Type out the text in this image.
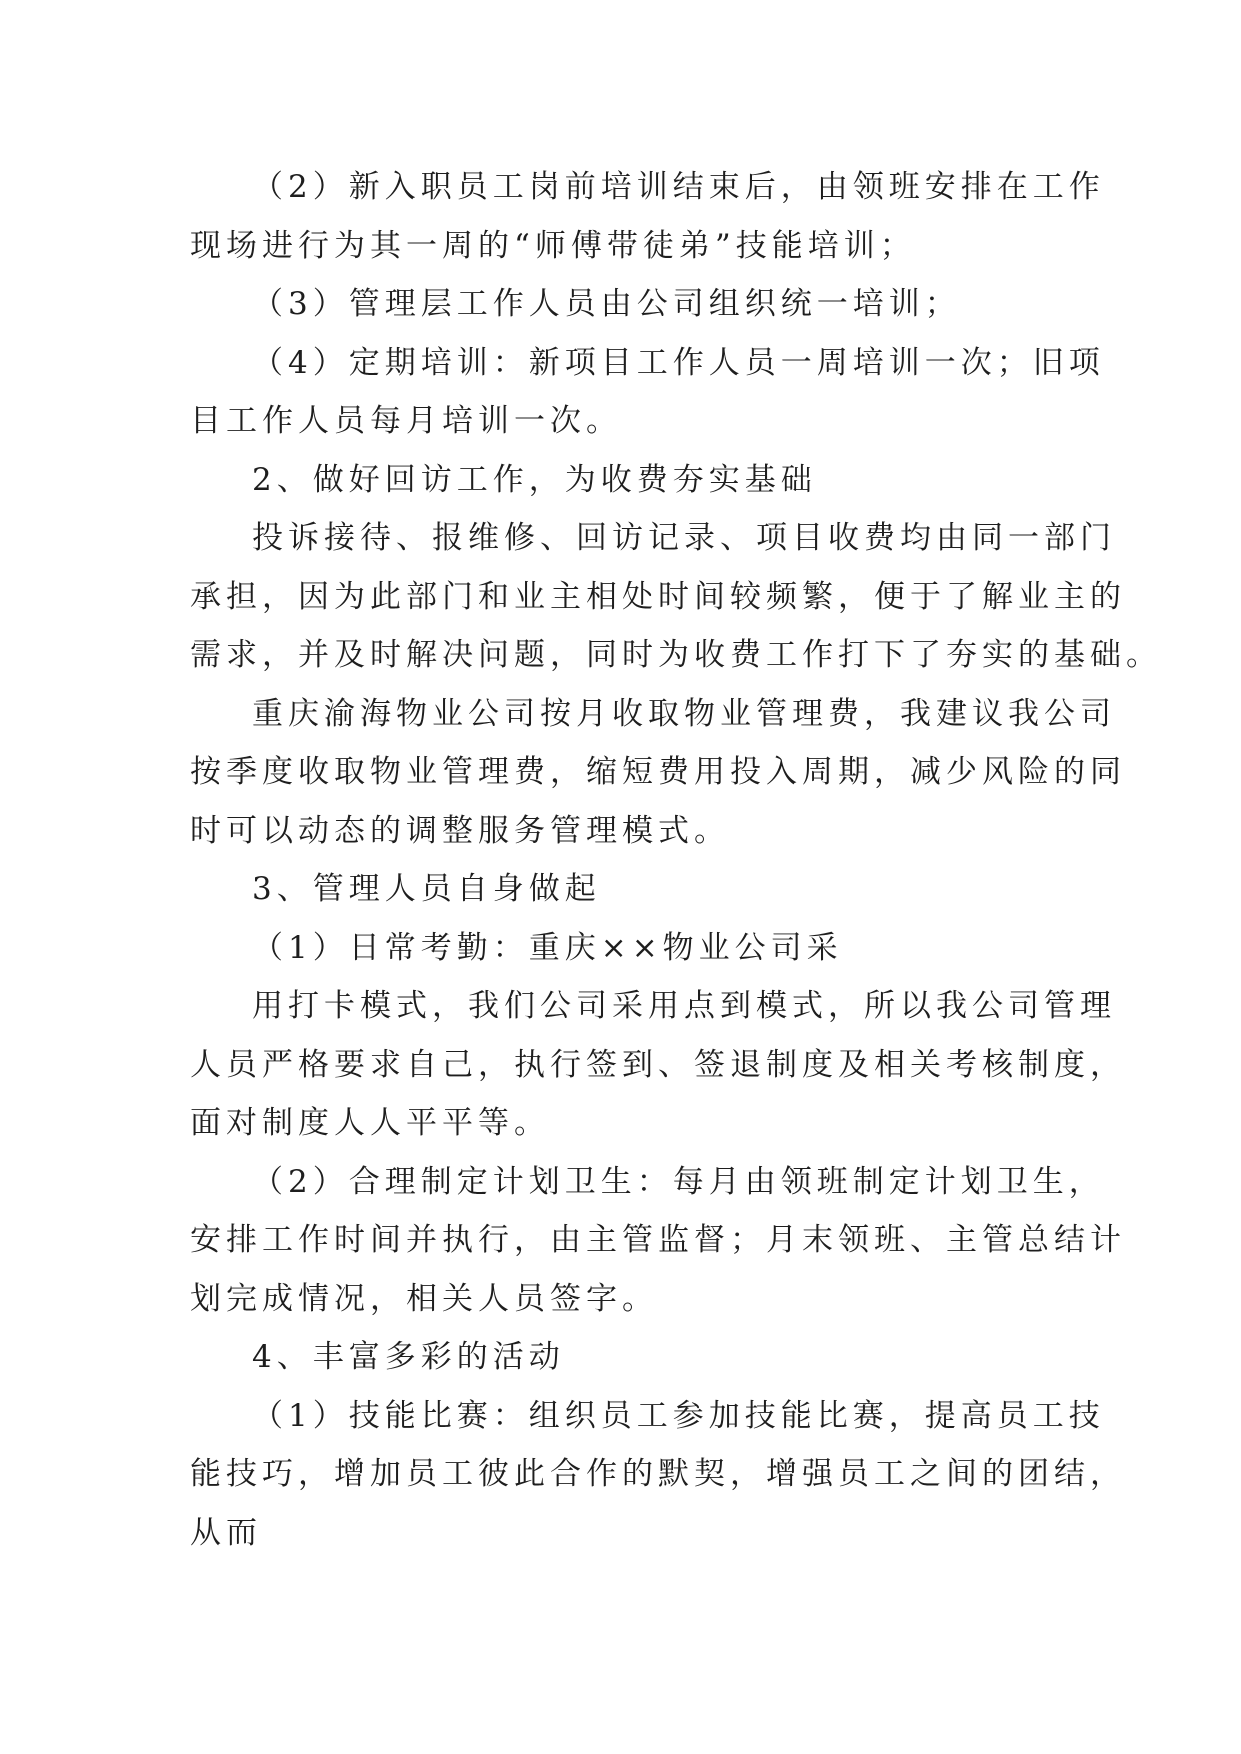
（2）新入职员工岗前培训结束后，由领班安排在工作
现场进行为其一周的“师傅带徒弟”技能培训；

（3）管理层工作人员由公司组织统一培训；

（4）定期培训：新项目工作人员一周培训一次；旧项
目工作人员每月培训一次。

2、做好回访工作，为收费夯实基础

投诉接待、报维修、回访记录、项目收费均由同一部门
承担，因为此部门和业主相处时间较频繁，便于了解业主的
需求，并及时解决问题，同时为收费工作打下了夯实的基础。

重庆渝海物业公司按月收取物业管理费，我建议我公司
按季度收取物业管理费，缩短费用投入周期，减少风险的同
时可以动态的调整服务管理模式。

3、管理人员自身做起

（1）日常考勤：重庆××物业公司采

用打卡模式，我们公司采用点到模式，所以我公司管理
人员严格要求自己，执行签到、签退制度及相关考核制度，
面对制度人人平平等。

（2）合理制定计划卫生：每月由领班制定计划卫生，
安排工作时间并执行，由主管监督；月末领班、主管总结计
划完成情况，相关人员签字。

4、丰富多彩的活动

（1）技能比赛：组织员工参加技能比赛，提高员工技
能技巧，增加员工彼此合作的默契，增强员工之间的团结，
从而
